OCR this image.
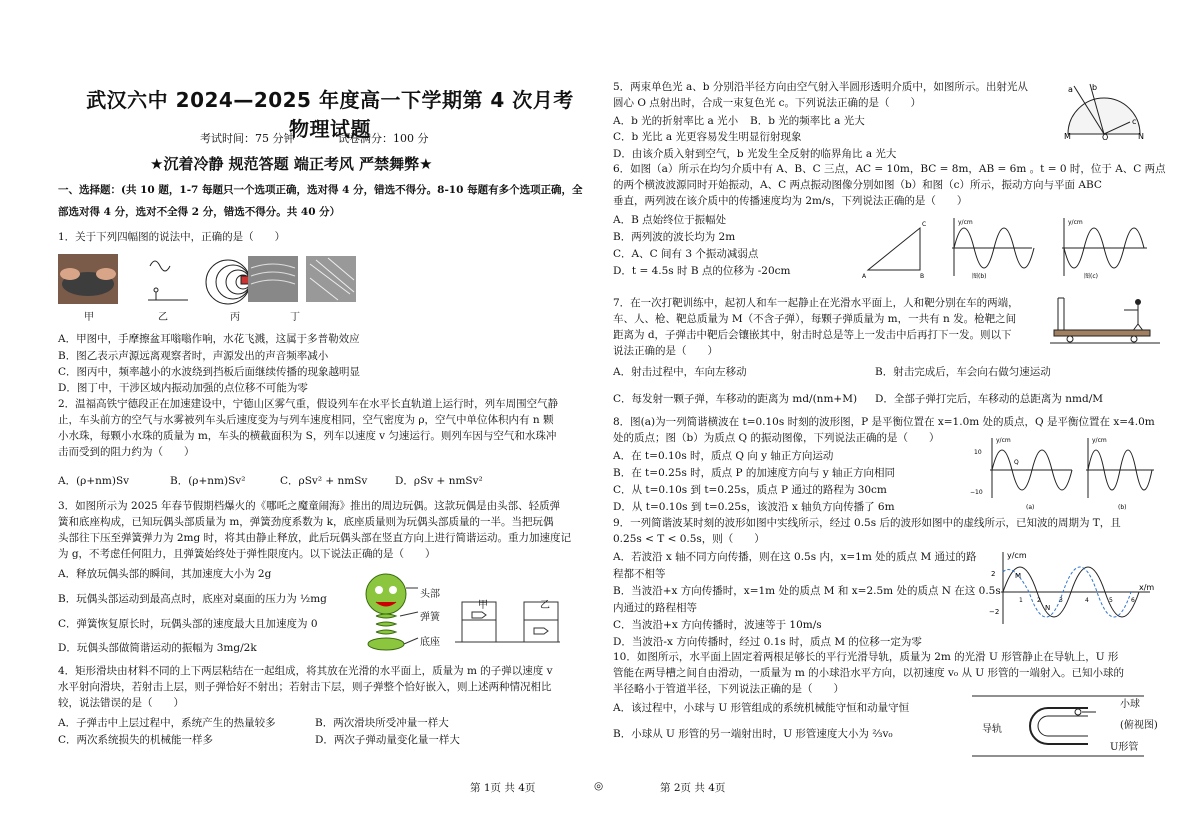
武汉六中 2024—2025 年度高一下学期第 4 次月考物理试题
考试时间：75 分钟	试卷满分：100 分
★沉着冷静 规范答题 端正考风 严禁舞弊★
一、选择题：(共 10 题，1-7 每题只一个选项正确，选对得 4 分，错选不得分。8-10 每题有多个选项正确，全
部选对得 4 分，选对不全得 2 分，错选不得分。共 40 分）
1．关于下列四幅图的说法中，正确的是（　　）
甲	乙	丙	丁
A．甲图中，手摩擦盆耳嗡嗡作响，水花飞溅，这属于多普勒效应
B．图乙表示声源远离观察者时，声源发出的声音频率减小
C．图丙中，频率越小的水波绕到挡板后面继续传播的现象越明显
D．图丁中，干涉区域内振动加强的点位移不可能为零
2．温福高铁宁德段正在加速建设中，宁德山区雾气重，假设列车在水平长直轨道上运行时，列车周围空气静
止，车头前方的空气与水雾被列车头后速度变为与列车速度相同，空气密度为 ρ，空气中单位体积内有 n 颗
小水珠，每颗小水珠的质量为 m，车头的横截面积为 S，列车以速度 v 匀速运行。则列车因与空气和水珠冲
击而受到的阻力约为（　　）
A．(ρ+nm)Sv	B．(ρ+nm)Sv²	C．ρSv² + nmSv	D．ρSv + nmSv²
3．如图所示为 2025 年春节假期档爆火的《哪吒之魔童闹海》推出的周边玩偶。这款玩偶是由头部、轻质弹
簧和底座构成，已知玩偶头部质量为 m，弹簧劲度系数为 k，底座质量则为玩偶头部质量的一半。当把玩偶
头部往下压至弹簧弹力为 2mg 时，将其由静止释放，此后玩偶头部在竖直方向上进行简谐运动。重力加速度记
为 g，不考虑任何阻力，且弹簧始终处于弹性限度内。以下说法正确的是（　　）
A．释放玩偶头部的瞬间，其加速度大小为 2g
B．玩偶头部运动到最高点时，底座对桌面的压力为 ½mg
C．弹簧恢复原长时，玩偶头部的速度最大且加速度为 0
D．玩偶头部做简谐运动的振幅为 3mg/2k
头部
弹簧
底座
甲	乙
4．矩形滑块由材料不同的上下两层粘结在一起组成，将其放在光滑的水平面上，质量为 m 的子弹以速度 v
水平射向滑块，若射击上层，则子弹恰好不射出；若射击下层，则子弹整个恰好嵌入，则上述两种情况相比
较，说法错误的是（　　）
A．子弹击中上层过程中，系统产生的热量较多	B．两次滑块所受冲量一样大
C．两次系统损失的机械能一样多	D．两次子弹动量变化量一样大
5．两束单色光 a、b 分别沿半径方向由空气射入半圆形透明介质中，如图所示。出射光从
圆心 O 点射出时，合成一束复色光 c。下列说法正确的是（　　）
A．b 光的折射率比 a 光小 B．b 光的频率比 a 光大
C．b 光比 a 光更容易发生明显衍射现象
D．由该介质入射到空气，b 光发生全反射的临界角比 a 光大
a b
M	O	N
c
6．如图（a）所示在均匀介质中有 A、B、C 三点，AC = 10m，BC = 8m，AB = 6m 。t = 0 时，位于 A、C 两点
的两个横波波源同时开始振动，A、C 两点振动图像分别如图（b）和图（c）所示，振动方向与平面 ABC
垂直，两列波在该介质中的传播速度均为 2m/s，下列说法正确的是（　　）
A．B 点始终位于振幅处
B．两列波的波长均为 2m
C．A、C 间有 3 个振动减弱点
D．t = 4.5s 时 B 点的位移为 -20cm	A	B
C	y/cm
图(b)
y/cm
图(c)
7．在一次打靶训练中，起初人和车一起静止在光滑水平面上，人和靶分别在车的两端，
车、人、枪、靶总质量为 M（不含子弹），每颗子弹质量为 m，一共有 n 发。枪靶之间
距离为 d，子弹击中靶后会镶嵌其中，射击时总是等上一发击中后再打下一发。则以下
说法正确的是（　　）
A．射击过程中，车向左移动	B．射击完成后，车会向右做匀速运动
C．每发射一颗子弹，车移动的距离为 md/(nm+M) D．全部子弹打完后，车移动的总距离为 nmd/M
8．图(a)为一列简谐横波在 t=0.10s 时刻的波形图，P 是平衡位置在 x=1.0m 处的质点，Q 是平衡位置在 x=4.0m
处的质点；图（b）为质点 Q 的振动图像，下列说法正确的是（　　）
A．在 t=0.10s 时，质点 Q 向 y 轴正方向运动
B．在 t=0.25s 时，质点 P 的加速度方向与 y 轴正方向相同
C．从 t=0.10s 到 t=0.25s，质点 P 通过的路程为 30cm
D．从 t=0.10s 到 t=0.25s，该波沿 x 轴负方向传播了 6m
y/cm
Q
10
−10
(a)
y/cm
(b)
9．一列简谐波某时刻的波形如图中实线所示，经过 0.5s 后的波形如图中的虚线所示，已知波的周期为 T，且
0.25s < T < 0.5s，则（　　）
A．若波沿 x 轴不同方向传播，则在这 0.5s 内，x=1m 处的质点 M 通过的路
程都不相等
B．当波沿+x 方向传播时，x=1m 处的质点 M 和 x=2.5m 处的质点 N 在这 0.5s
内通过的路程相等
C．当波沿+x 方向传播时，波速等于 10m/s
D．当波沿-x 方向传播时，经过 0.1s 时，质点 M 的位移一定为零
y/cm
x/m
2
−2
M
N
1 2	3	4	5	6
10．如图所示，水平面上固定着两根足够长的平行光滑导轨，质量为 2m 的光滑 U 形管静止在导轨上，U 形
管能在两导槽之间自由滑动，一质量为 m 的小球沿水平方向，以初速度 v₀ 从 U 形管的一端射入。已知小球的
半径略小于管道半径，下列说法正确的是（　　）
A．该过程中，小球与 U 形管组成的系统机械能守恒和动量守恒
B．小球从 U 形管的另一端射出时，U 形管速度大小为 ⅔v₀	导轨
小球
U形管
(俯视图)
第 1页 共 4页	◎	第 2页 共 4页
